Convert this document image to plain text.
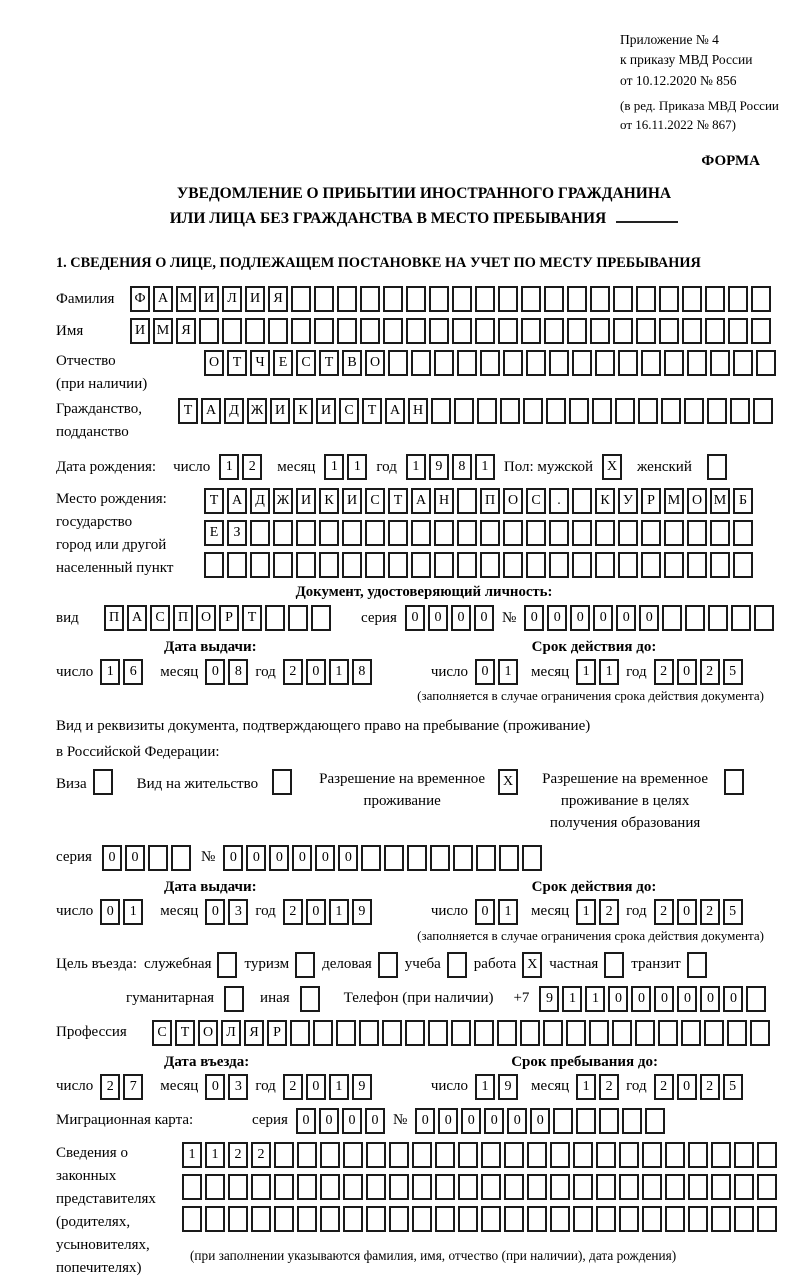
Приложение № 4
к приказу МВД России
от 10.12.2020 № 856
(в ред. Приказа МВД России
от 16.11.2022 № 867)
ФОРМА
УВЕДОМЛЕНИЕ О ПРИБЫТИИ ИНОСТРАННОГО ГРАЖДАНИНА
ИЛИ ЛИЦА БЕЗ ГРАЖДАНСТВА В МЕСТО ПРЕБЫВАНИЯ
1. СВЕДЕНИЯ О ЛИЦЕ, ПОДЛЕЖАЩЕМ ПОСТАНОВКЕ НА УЧЕТ ПО МЕСТУ ПРЕБЫВАНИЯ
Фамилия	Ф А М И Л И Я
Имя	И М Я
Отчество
(при наличии)
О Т	Ч	Е	С	Т	В О
Гражданство,
подданство
Т А Д Ж И К И С	Т А Н
Дата рождения: число	1	2	месяц	1	1	год	1	9	8	1	Пол: мужской X	женский
Место рождения:
государство
город или другой
населенный пункт
Т А Д Ж И К И С	Т А Н	П О С	.	К У	Р М О М Б
Е	З
Документ, удостоверяющий личность:
вид	П А С П О	Р	Т	серия	0	0	0	0 №	0	0	0	0	0	0
Дата выдачи:	Срок действия до:
число 1	6	месяц 0	8 год 2	0	1	8	число 0	1	месяц 1	1 год 2	0	2	5
(заполняется в случае ограничения срока действия документа)
Вид и реквизиты документа, подтверждающего право на пребывание (проживание)
в Российской Федерации:
Виза	Вид на жительство	Разрешение на временное
проживание
X	Разрешение на временное
проживание в целях
получения образования
серия	0	0	№	0	0	0	0	0	0
Дата выдачи:	Срок действия до:
число 0	1	месяц 0	3 год 2	0	1	9	число 0	1	месяц 1	2 год 2	0	2	5
(заполняется в случае ограничения срока действия документа)
Цель въезда: служебная туризм деловая учеба работа X частная транзит
гуманитарная	иная	Телефон (при наличии) +7	9	1	1	0	0	0	0	0	0
Профессия	С	Т О Л Я	Р
Дата въезда:	Срок пребывания до:
число 2	7	месяц 0	3 год 2	0	1	9	число 1	9	месяц 1	2 год 2	0	2	5
Миграционная карта:	серия	0	0	0	0 №	0	0	0	0	0	0
Сведения о
законных
представителях
(родителях,
усыновителях,
попечителях)
1	1	2	2
(при заполнении указываются фамилия, имя, отчество (при наличии), дата рождения)
